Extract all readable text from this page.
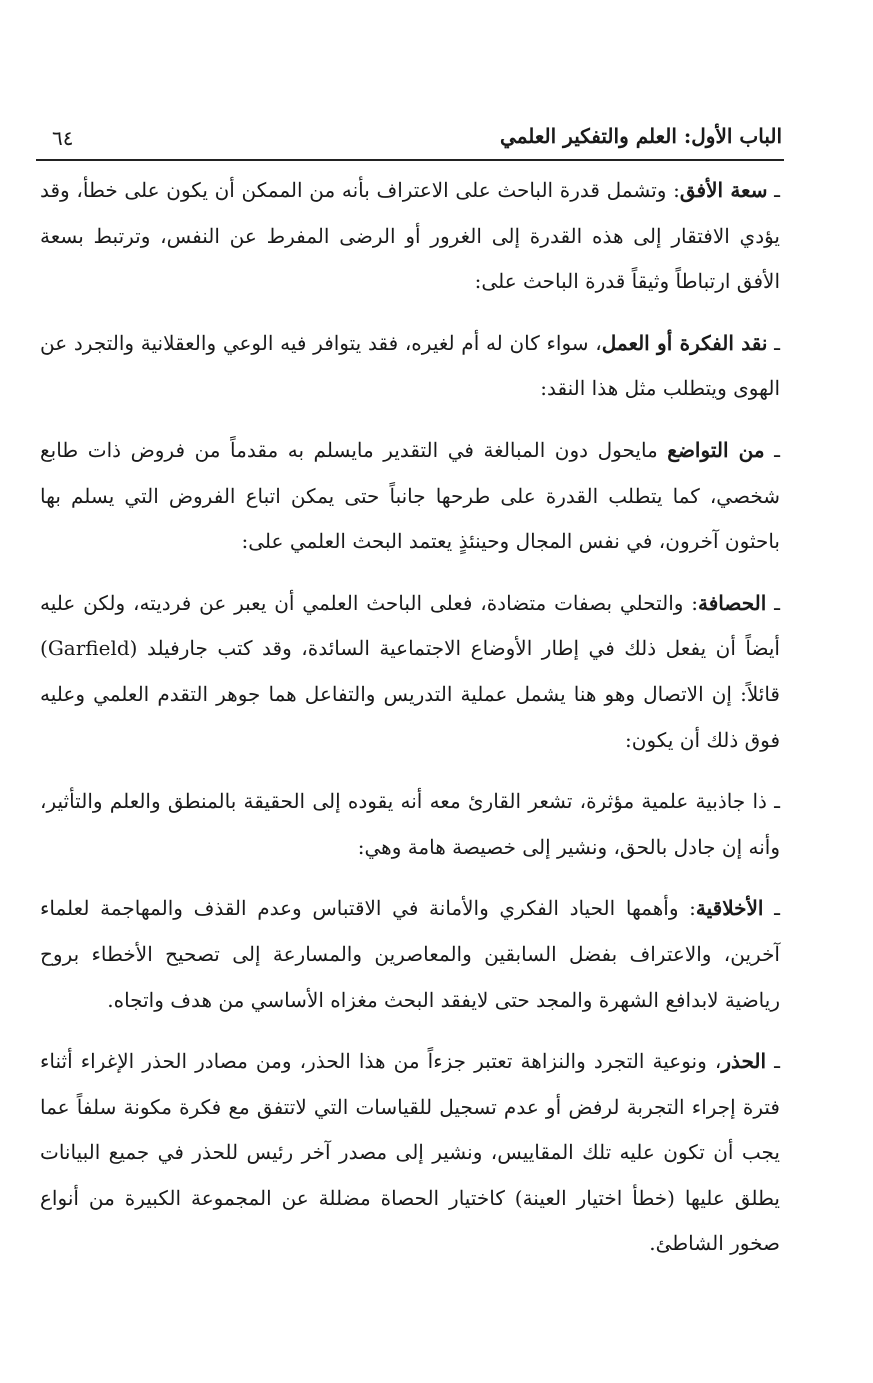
الباب الأول: العلم والتفكير العلمي
٦٤

ـ سعة الأفق: وتشمل قدرة الباحث على الاعتراف بأنه من الممكن أن يكون على خطأ، وقد يؤدي الافتقار إلى هذه القدرة إلى الغرور أو الرضى المفرط عن النفس، وترتبط بسعة الأفق ارتباطاً وثيقاً قدرة الباحث على:

ـ نقد الفكرة أو العمل، سواء كان له أم لغيره، فقد يتوافر فيه الوعي والعقلانية والتجرد عن الهوى ويتطلب مثل هذا النقد:

ـ من التواضع مايحول دون المبالغة في التقدير مايسلم به مقدماً من فروض ذات طابع شخصي، كما يتطلب القدرة على طرحها جانباً حتى يمكن اتباع الفروض التي يسلم بها باحثون آخرون، في نفس المجال وحينئذٍ يعتمد البحث العلمي على:

ـ الحصافة: والتحلي بصفات متضادة، فعلى الباحث العلمي أن يعبر عن فرديته، ولكن عليه أيضاً أن يفعل ذلك في إطار الأوضاع الاجتماعية السائدة، وقد كتب جارفيلد (Garfield) قائلاً: إن الاتصال وهو هنا يشمل عملية التدريس والتفاعل هما جوهر التقدم العلمي وعليه فوق ذلك أن يكون:

ـ ذا جاذبية علمية مؤثرة، تشعر القارئ معه أنه يقوده إلى الحقيقة بالمنطق والعلم والتأثير، وأنه إن جادل بالحق، ونشير إلى خصيصة هامة وهي:

ـ الأخلاقية: وأهمها الحياد الفكري والأمانة في الاقتباس وعدم القذف والمهاجمة لعلماء آخرين، والاعتراف بفضل السابقين والمعاصرين والمسارعة إلى تصحيح الأخطاء بروح رياضية لابدافع الشهرة والمجد حتى لايفقد البحث مغزاه الأساسي من هدف واتجاه.

ـ الحذر، ونوعية التجرد والنزاهة تعتبر جزءاً من هذا الحذر، ومن مصادر الحذر الإغراء أثناء فترة إجراء التجربة لرفض أو عدم تسجيل للقياسات التي لاتتفق مع فكرة مكونة سلفاً عما يجب أن تكون عليه تلك المقاييس، ونشير إلى مصدر آخر رئيس للحذر في جميع البيانات يطلق عليها (خطأ اختيار العينة) كاختيار الحصاة مضللة عن المجموعة الكبيرة من أنواع صخور الشاطئ.
